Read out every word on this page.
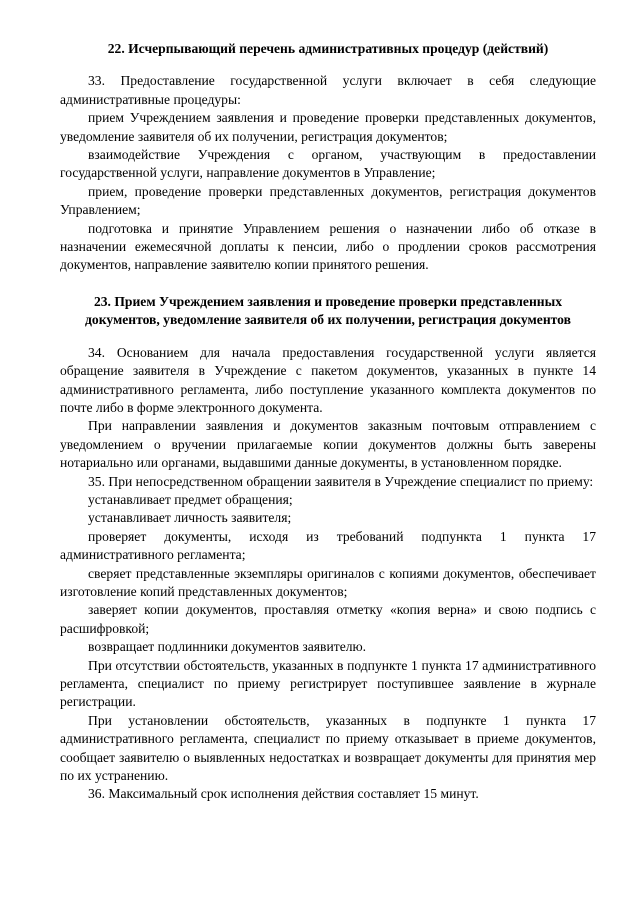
22. Исчерпывающий перечень административных процедур (действий)

33. Предоставление государственной услуги включает в себя следующие административные процедуры:

прием Учреждением заявления и проведение проверки представленных документов, уведомление заявителя об их получении, регистрация документов;

взаимодействие Учреждения с органом, участвующим в предоставлении государственной услуги, направление документов в Управление;

прием, проведение проверки представленных документов, регистрация документов Управлением;

подготовка и принятие Управлением решения о назначении либо об отказе в назначении ежемесячной доплаты к пенсии, либо о продлении сроков рассмотрения документов, направление заявителю копии принятого решения.

23. Прием Учреждением заявления и проведение проверки представленных документов, уведомление заявителя об их получении, регистрация документов

34. Основанием для начала предоставления государственной услуги является обращение заявителя в Учреждение с пакетом документов, указанных в пункте 14 административного регламента, либо поступление указанного комплекта документов по почте либо в форме электронного документа.

При направлении заявления и документов заказным почтовым отправлением с уведомлением о вручении прилагаемые копии документов должны быть заверены нотариально или органами, выдавшими данные документы, в установленном порядке.

35. При непосредственном обращении заявителя в Учреждение специалист по приему:

устанавливает предмет обращения;

устанавливает личность заявителя;

проверяет документы, исходя из требований подпункта 1 пункта 17 административного регламента;

сверяет представленные экземпляры оригиналов с копиями документов, обеспечивает изготовление копий представленных документов;

заверяет копии документов, проставляя отметку «копия верна» и свою подпись с расшифровкой;

возвращает подлинники документов заявителю.

При отсутствии обстоятельств, указанных в подпункте 1 пункта 17 административного регламента, специалист по приему регистрирует поступившее заявление в журнале регистрации.

При установлении обстоятельств, указанных в подпункте 1 пункта 17 административного регламента, специалист по приему отказывает в приеме документов, сообщает заявителю о выявленных недостатках и возвращает документы для принятия мер по их устранению.

36. Максимальный срок исполнения действия составляет 15 минут.
